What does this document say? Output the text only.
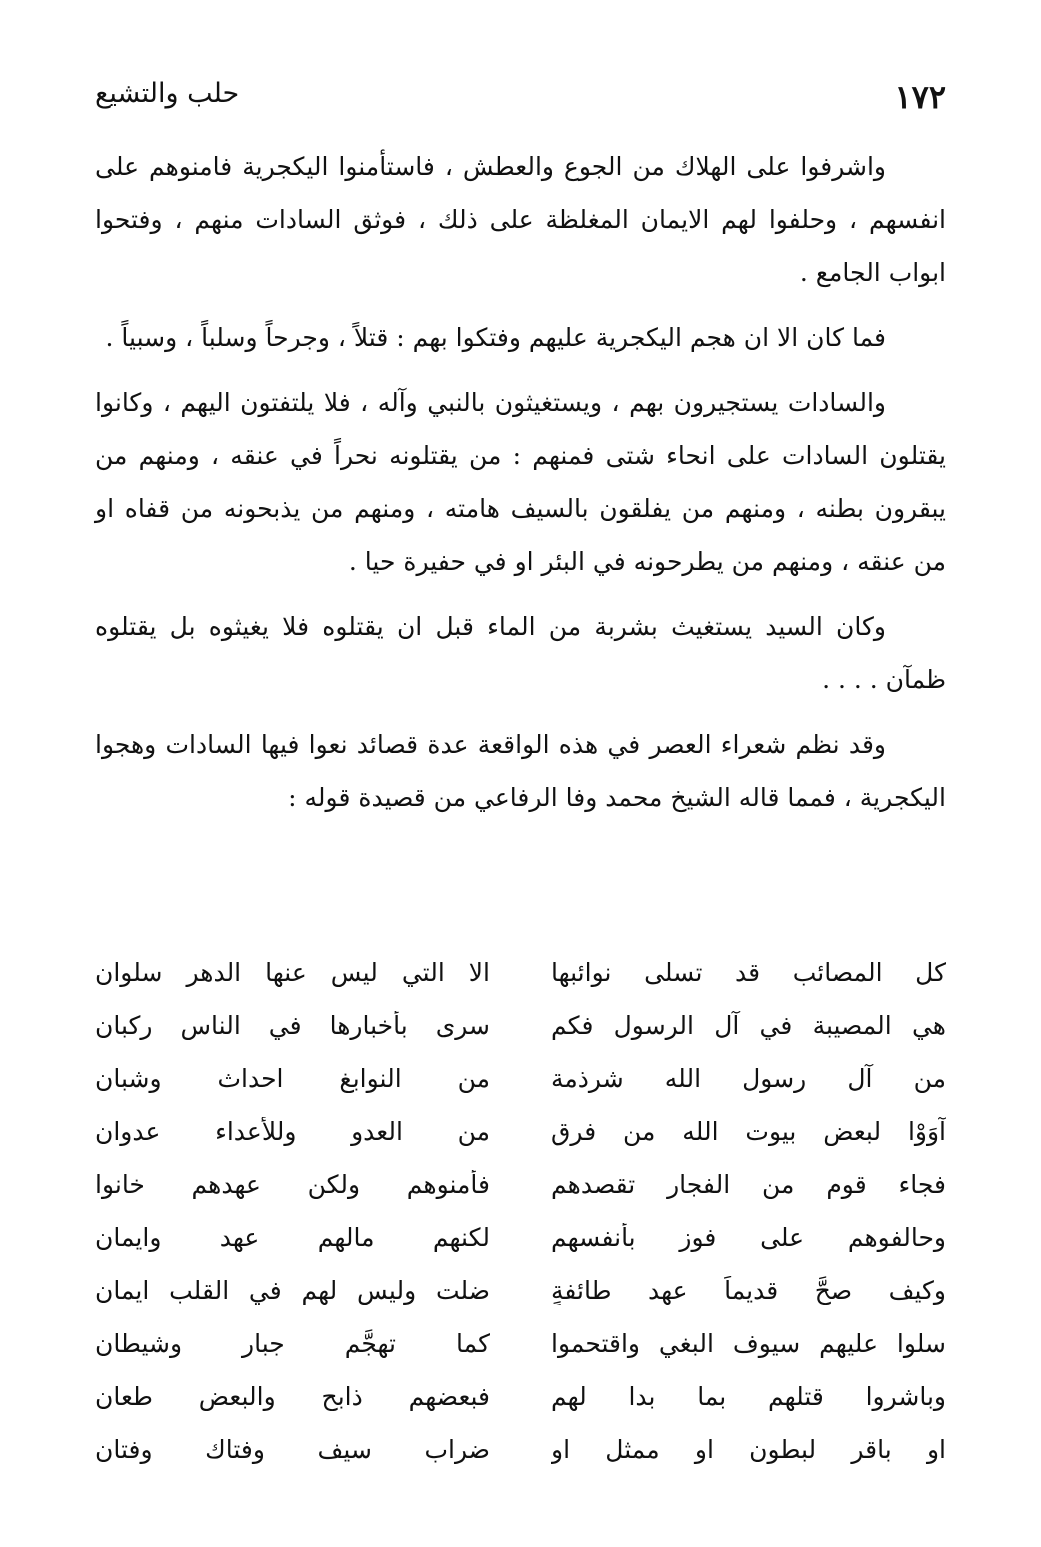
١٧٢
حلب والتشيع

واشرفوا على الهلاك من الجوع والعطش ، فاستأمنوا اليكجرية فامنوهم على انفسهم ، وحلفوا لهم الايمان المغلظة على ذلك ، فوثق السادات منهم ، وفتحوا ابواب الجامع .

فما كان الا ان هجم اليكجرية عليهم وفتكوا بهم : قتلاً ، وجرحاً وسلباً ، وسبياً .

والسادات يستجيرون بهم ، ويستغيثون بالنبي وآله ، فلا يلتفتون اليهم ، وكانوا يقتلون السادات على انحاء شتى فمنهم : من يقتلونه نحراً في عنقه ، ومنهم من يبقرون بطنه ، ومنهم من يفلقون بالسيف هامته ، ومنهم من يذبحونه من قفاه او من عنقه ، ومنهم من يطرحونه في البئر او في حفيرة حيا .

وكان السيد يستغيث بشربة من الماء قبل ان يقتلوه فلا يغيثوه بل يقتلوه ظمآن . . . .

وقد نظم شعراء العصر في هذه الواقعة عدة قصائد نعوا فيها السادات وهجوا اليكجرية ، فمما قاله الشيخ محمد وفا الرفاعي من قصيدة قوله :

كل المصائب قد تسلى نوائبها
الا التي ليس عنها الدهر سلوان
هي المصيبة في آل الرسول فكم
سرى بأخبارها في الناس ركبان
من آل رسول الله شرذمة
من النوابغ احداث وشبان
آوَوْا لبعض بيوت الله من فرقٍ
من العدو وللأعداء عدوان
فجاء قوم من الفجار تقصدهم
فأمنوهم ولكن عهدهم خانوا
وحالفوهم على فوز بأنفسهم
لكنهم مالهم عهد وايمان
وكيف صحَّ قديماً عهد طائفةٍ
ضلت وليس لهم في القلب ايمان
سلوا عليهم سيوف البغي واقتحموا
كما تهجَّم جبار وشيطان
وباشروا قتلهم بما بدا لهم
فبعضهم ذابح والبعض طعان
او باقر لبطون او ممثل او
ضراب سيف وفتاك وفتان
